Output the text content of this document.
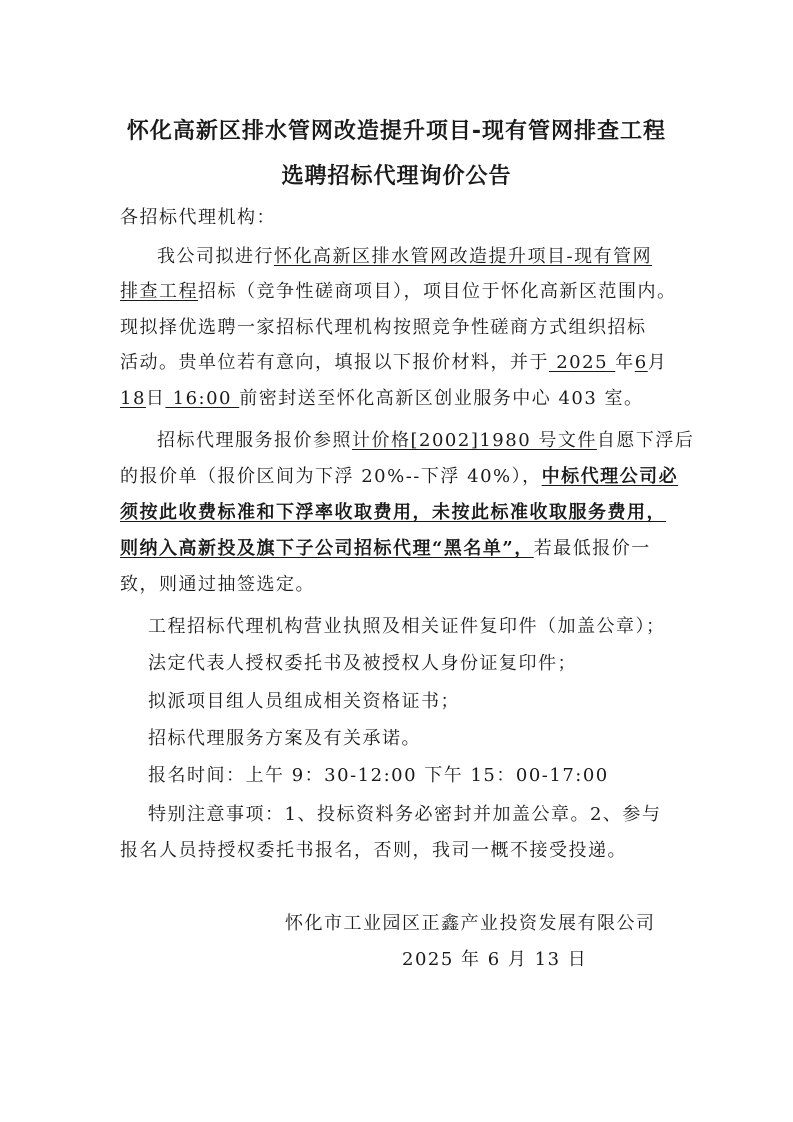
怀化高新区排水管网改造提升项目-现有管网排查工程
选聘招标代理询价公告
各招标代理机构：
我公司拟进行怀化高新区排水管网改造提升项目-现有管网
排查工程招标（竞争性磋商项目），项目位于怀化高新区范围内。
现拟择优选聘一家招标代理机构按照竞争性磋商方式组织招标
活动。贵单位若有意向，填报以下报价材料，并于 2025 年6月
18日 16:00 前密封送至怀化高新区创业服务中心 403 室。
招标代理服务报价参照计价格[2002]1980 号文件自愿下浮后
的报价单（报价区间为下浮 20%--下浮 40%），中标代理公司必
须按此收费标准和下浮率收取费用，未按此标准收取服务费用，
则纳入高新投及旗下子公司招标代理“黑名单”，若最低报价一
致，则通过抽签选定。
工程招标代理机构营业执照及相关证件复印件（加盖公章）；
法定代表人授权委托书及被授权人身份证复印件；
拟派项目组人员组成相关资格证书；
招标代理服务方案及有关承诺。
报名时间：上午 9：30-12:00 下午 15：00-17:00
特别注意事项：1、投标资料务必密封并加盖公章。2、参与
报名人员持授权委托书报名，否则，我司一概不接受投递。
怀化市工业园区正鑫产业投资发展有限公司
2025 年 6 月 13 日
